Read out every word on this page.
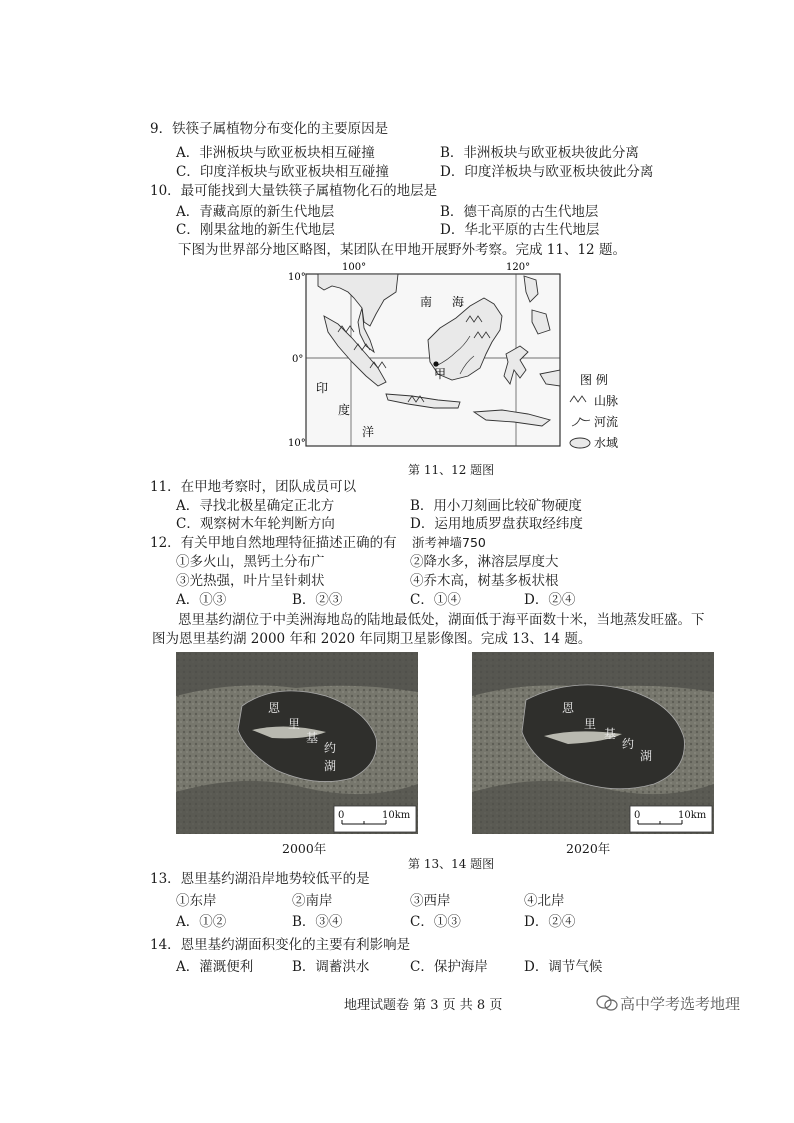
9．铁筷子属植物分布变化的主要原因是
A．非洲板块与欧亚板块相互碰撞	B．非洲板块与欧亚板块彼此分离
C．印度洋板块与欧亚板块相互碰撞	D．印度洋板块与欧亚板块彼此分离
10．最可能找到大量铁筷子属植物化石的地层是
A．青藏高原的新生代地层	B．德干高原的古生代地层
C．刚果盆地的新生代地层	D．华北平原的古生代地层
下图为世界部分地区略图，某团队在甲地开展野外考察。完成 11、12 题。
10°
0°
10°
100°	120°
南 海
印
度
洋
甲	图 例
山脉
河流
水域
第 11、12 题图
11．在甲地考察时，团队成员可以
A．寻找北极星确定正北方	B．用小刀刻画比较矿物硬度
C．观察树木年轮判断方向	D．运用地质罗盘获取经纬度
12．有关甲地自然地理特征描述正确的有 浙考神墙750
①多火山，黑钙土分布广	②降水多，淋溶层厚度大
③光热强，叶片呈针刺状	④乔木高，树基多板状根
A．①③	B．②③	C．①④	D．②④
恩里基约湖位于中美洲海地岛的陆地最低处，湖面低于海平面数十米，当地蒸发旺盛。下
图为恩里基约湖 2000 年和 2020 年同期卫星影像图。完成 13、14 题。
恩
里
基
约
湖
0	10km
2000年
恩
里
基
约
湖
0	10km
2020年
第 13、14 题图
13．恩里基约湖沿岸地势较低平的是
①东岸	②南岸	③西岸	④北岸
A．①②	B．③④	C．①③	D．②④
14．恩里基约湖面积变化的主要有利影响是
A．灌溉便利	B．调蓄洪水	C．保护海岸	D．调节气候
地理试题卷 第 3 页 共 8 页	高中学考选考地理
